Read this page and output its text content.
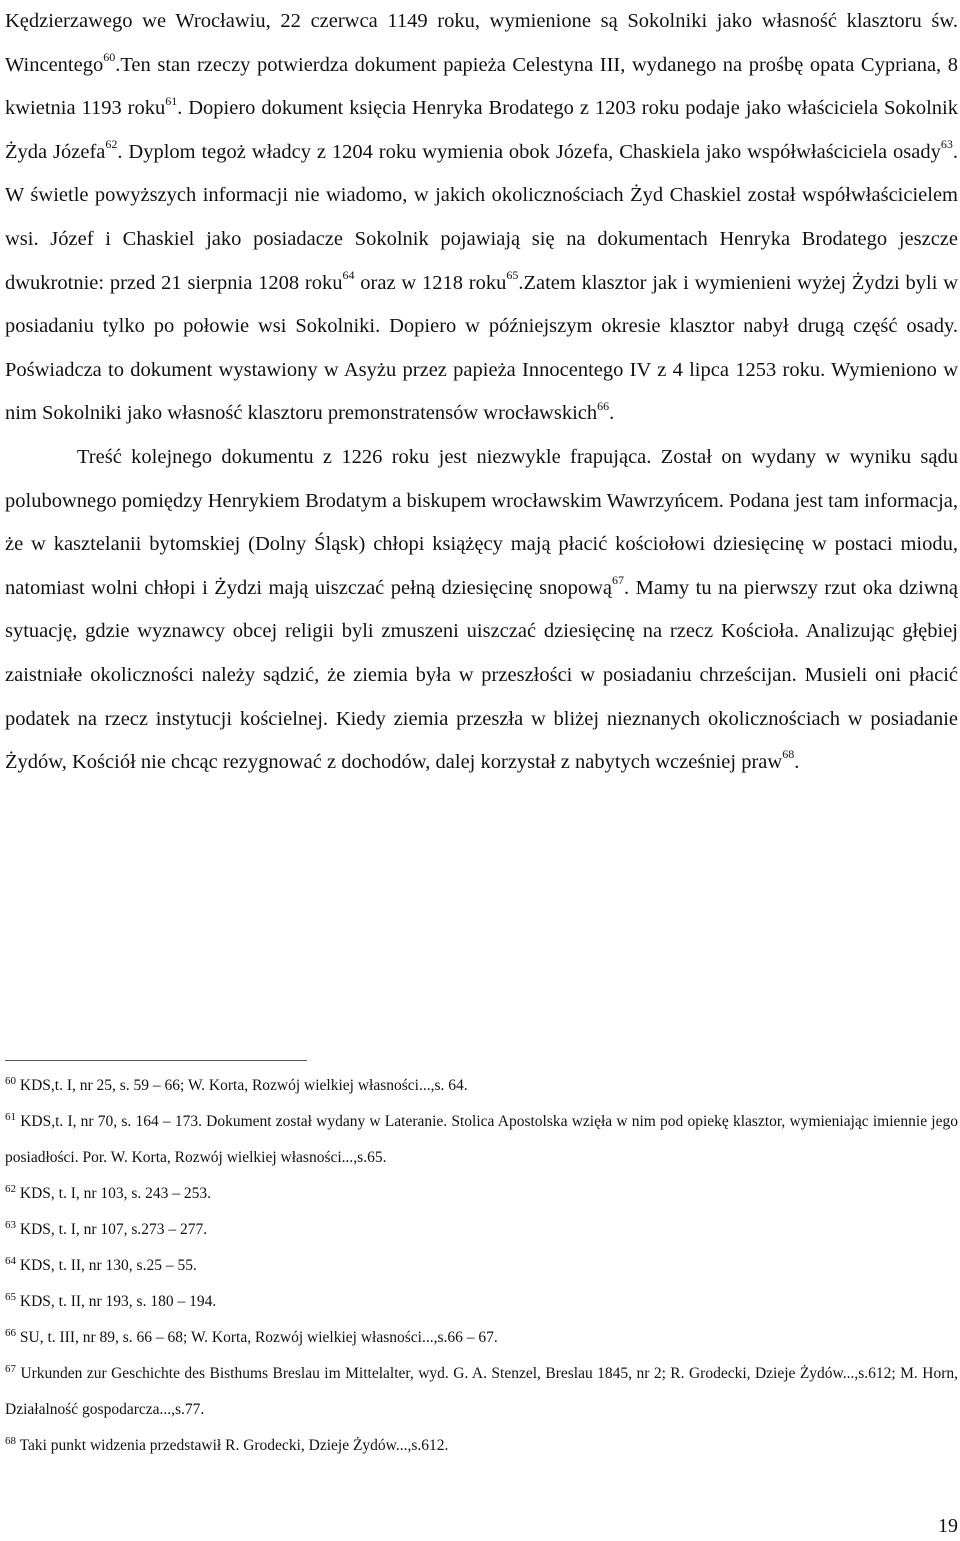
Kędzierzawego we Wrocławiu, 22 czerwca 1149 roku, wymienione są Sokolniki jako własność klasztoru św. Wincentego$^{60}$.Ten stan rzeczy potwierdza dokument papieża Celestyna III, wydanego na prośbę opata Cypriana, 8 kwietnia 1193 roku$^{61}$. Dopiero dokument księcia Henryka Brodatego z 1203 roku podaje jako właściciela Sokolnik Żyda Józefa$^{62}$. Dyplom tegoż władcy z 1204 roku wymienia obok Józefa, Chaskiela jako współwłaściciela osady$^{63}$. W świetle powyższych informacji nie wiadomo, w jakich okolicznościach Żyd Chaskiel został współwłaścicielem wsi. Józef i Chaskiel jako posiadacze Sokolnik pojawiają się na dokumentach Henryka Brodatego jeszcze dwukrotnie: przed 21 sierpnia 1208 roku$^{64}$ oraz w 1218 roku$^{65}$.Zatem klasztor jak i wymienieni wyżej Żydzi byli w posiadaniu tylko po połowie wsi Sokolniki. Dopiero w późniejszym okresie klasztor nabył drugą część osady. Poświadcza to dokument wystawiony w Asyżu przez papieża Innocentego IV z 4 lipca 1253 roku. Wymieniono w nim Sokolniki jako własność klasztoru premonstratensów wrocławskich$^{66}$.

Treść kolejnego dokumentu z 1226 roku jest niezwykle frapująca. Został on wydany w wyniku sądu polubownego pomiędzy Henrykiem Brodatym a biskupem wrocławskim Wawrzyńcem. Podana jest tam informacja, że w kasztelanii bytomskiej (Dolny Śląsk) chłopi książęcy mają płacić kościołowi dziesięcinę w postaci miodu, natomiast wolni chłopi i Żydzi mają uiszczać pełną dziesięcinę snopową$^{67}$. Mamy tu na pierwszy rzut oka dziwną sytuację, gdzie wyznawcy obcej religii byli zmuszeni uiszczać dziesięcinę na rzecz Kościoła. Analizując głębiej zaistniałe okoliczności należy sądzić, że ziemia była w przeszłości w posiadaniu chrześcijan. Musieli oni płacić podatek na rzecz instytucji kościelnej. Kiedy ziemia przeszła w bliżej nieznanych okolicznościach w posiadanie Żydów, Kościół nie chcąc rezygnować z dochodów, dalej korzystał z nabytych wcześniej praw$^{68}$.

$^{60}$ KDS,t. I, nr 25, s. 59 – 66; W. Korta, Rozwój wielkiej własności...,s. 64.

$^{61}$ KDS,t. I, nr 70, s. 164 – 173. Dokument został wydany w Lateranie. Stolica Apostolska wzięła w nim pod opiekę klasztor, wymieniając imiennie jego posiadłości. Por. W. Korta, Rozwój wielkiej własności...,s.65.

$^{62}$ KDS, t. I, nr 103, s. 243 – 253.

$^{63}$ KDS, t. I, nr 107, s.273 – 277.

$^{64}$ KDS, t. II, nr 130, s.25 – 55.

$^{65}$ KDS, t. II, nr 193, s. 180 – 194.

$^{66}$ SU, t. III, nr 89, s. 66 – 68; W. Korta, Rozwój wielkiej własności...,s.66 – 67.

$^{67}$ Urkunden zur Geschichte des Bisthums Breslau im Mittelalter, wyd. G. A. Stenzel, Breslau 1845, nr 2; R. Grodecki, Dzieje Żydów...,s.612; M. Horn, Działalność gospodarcza...,s.77.

$^{68}$ Taki punkt widzenia przedstawił R. Grodecki, Dzieje Żydów...,s.612.

19
